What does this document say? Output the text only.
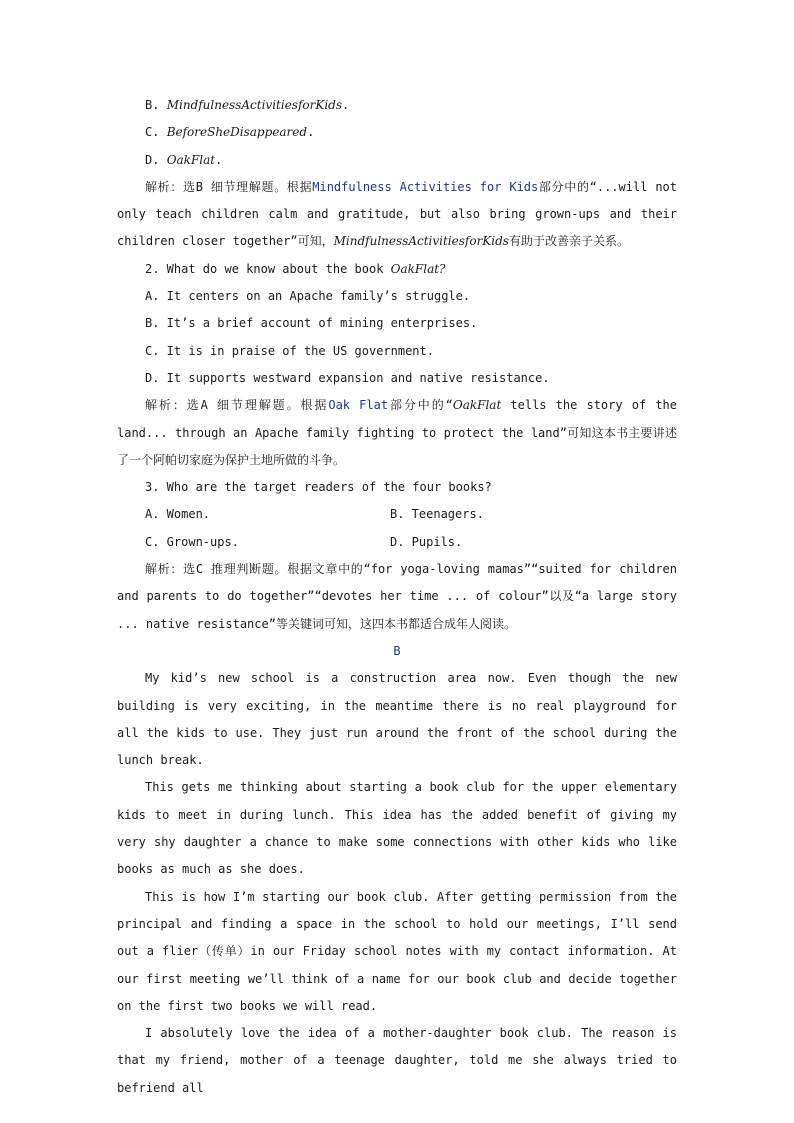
B. MindfulnessActivitiesforKids.

C. BeforeSheDisappeared.

D. OakFlat.

解析：选B 细节理解题。根据Mindfulness Activities for Kids部分中的“...will not only teach children calm and gratitude, but also bring grown-ups and their children closer together”可知，MindfulnessActivitiesforKids有助于改善亲子关系。

2. What do we know about the book OakFlat?

A. It centers on an Apache family’s struggle.

B. It’s a brief account of mining enterprises.

C. It is in praise of the US government.

D. It supports westward expansion and native resistance.

解析：选A 细节理解题。根据Oak Flat部分中的“OakFlat tells the story of the land... through an Apache family fighting to protect the land”可知这本书主要讲述了一个阿帕切家庭为保护土地所做的斗争。

3. Who are the target readers of the four books?

A. Women.	B. Teenagers.
C. Grown-ups.	D. Pupils.

解析：选C 推理判断题。根据文章中的“for yoga-loving mamas”“suited for children and parents to do together”“devotes her time ... of colour”以及“a large story ... native resistance”等关键词可知，这四本书都适合成年人阅读。

B

My kid’s new school is a construction area now. Even though the new building is very exciting, in the meantime there is no real playground for all the kids to use. They just run around the front of the school during the lunch break.

This gets me thinking about starting a book club for the upper elementary kids to meet in during lunch. This idea has the added benefit of giving my very shy daughter a chance to make some connections with other kids who like books as much as she does.

This is how I’m starting our book club. After getting permission from the principal and finding a space in the school to hold our meetings, I’ll send out a flier（传单）in our Friday school notes with my contact information. At our first meeting we’ll think of a name for our book club and decide together on the first two books we will read.

I absolutely love the idea of a mother-daughter book club. The reason is that my friend, mother of a teenage daughter, told me she always tried to befriend all
